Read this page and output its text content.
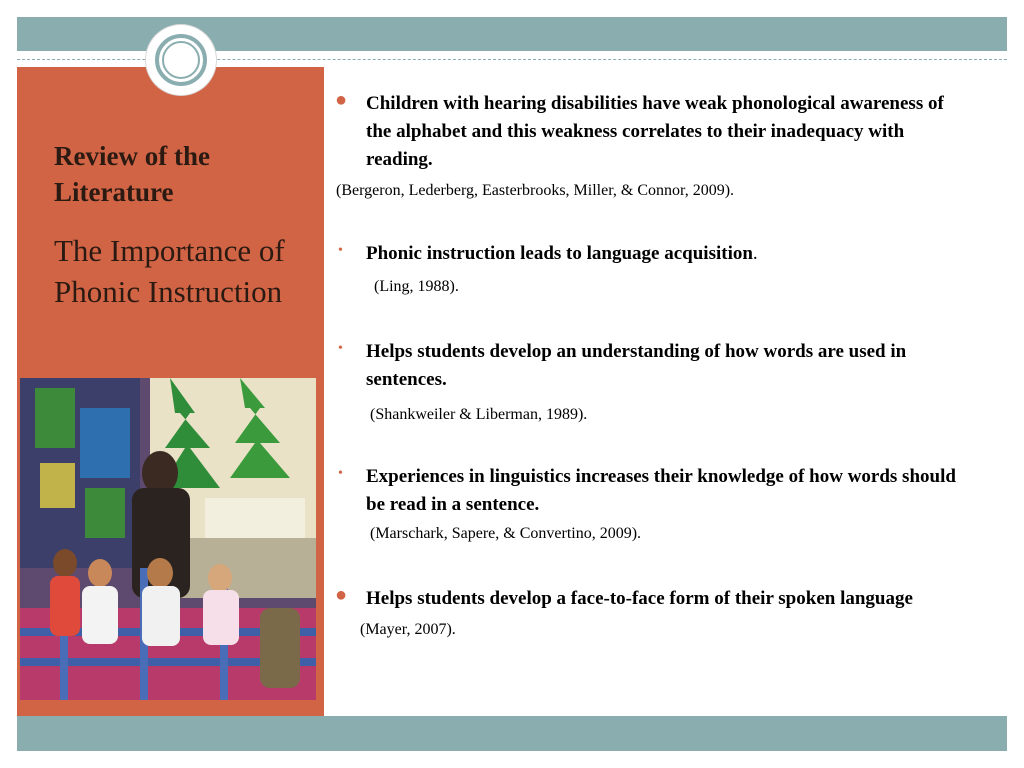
Review of the Literature
The Importance of Phonic Instruction
● Children with hearing disabilities have weak phonological awareness of the alphabet and this weakness correlates to their inadequacy with reading.
(Bergeron, Lederberg, Easterbrooks, Miller, & Connor, 2009).
• Phonic instruction leads to language acquisition.
(Ling, 1988).
• Helps students develop an understanding of how words are used in sentences.
(Shankweiler & Liberman, 1989).
• Experiences in linguistics increases their knowledge of how words should be read in a sentence.
(Marschark, Sapere, & Convertino, 2009).
● Helps students develop a face-to-face form of their spoken language
(Mayer, 2007).
